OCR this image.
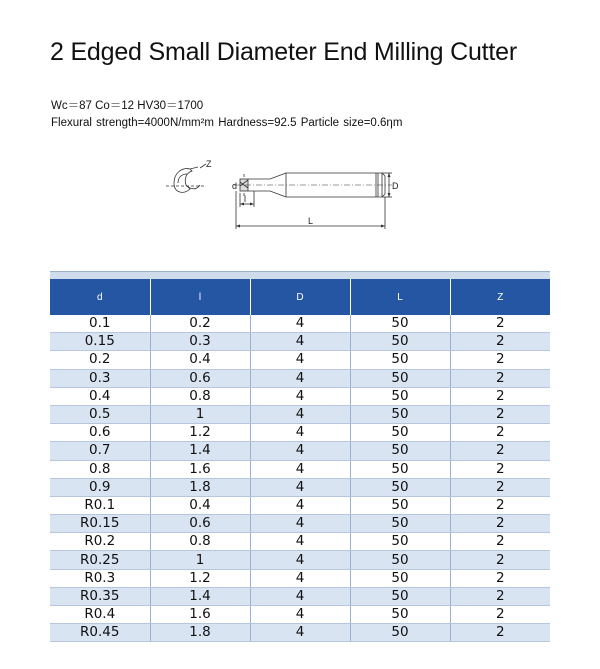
2 Edged Small Diameter End Milling Cutter
Wc＝87 Co＝12 HV30＝1700
Flexural strength=4000N/mm²m Hardness=92.5 Particle size=0.6ηm
Z
d
l
D
L
d	l	D	L	Z
0.1	0.2	4	50	2
0.15	0.3	4	50	2
0.2	0.4	4	50	2
0.3	0.6	4	50	2
0.4	0.8	4	50	2
0.5	1	4	50	2
0.6	1.2	4	50	2
0.7	1.4	4	50	2
0.8	1.6	4	50	2
0.9	1.8	4	50	2
R0.1	0.4	4	50	2
R0.15	0.6	4	50	2
R0.2	0.8	4	50	2
R0.25	1	4	50	2
R0.3	1.2	4	50	2
R0.35	1.4	4	50	2
R0.4	1.6	4	50	2
R0.45	1.8	4	50	2
